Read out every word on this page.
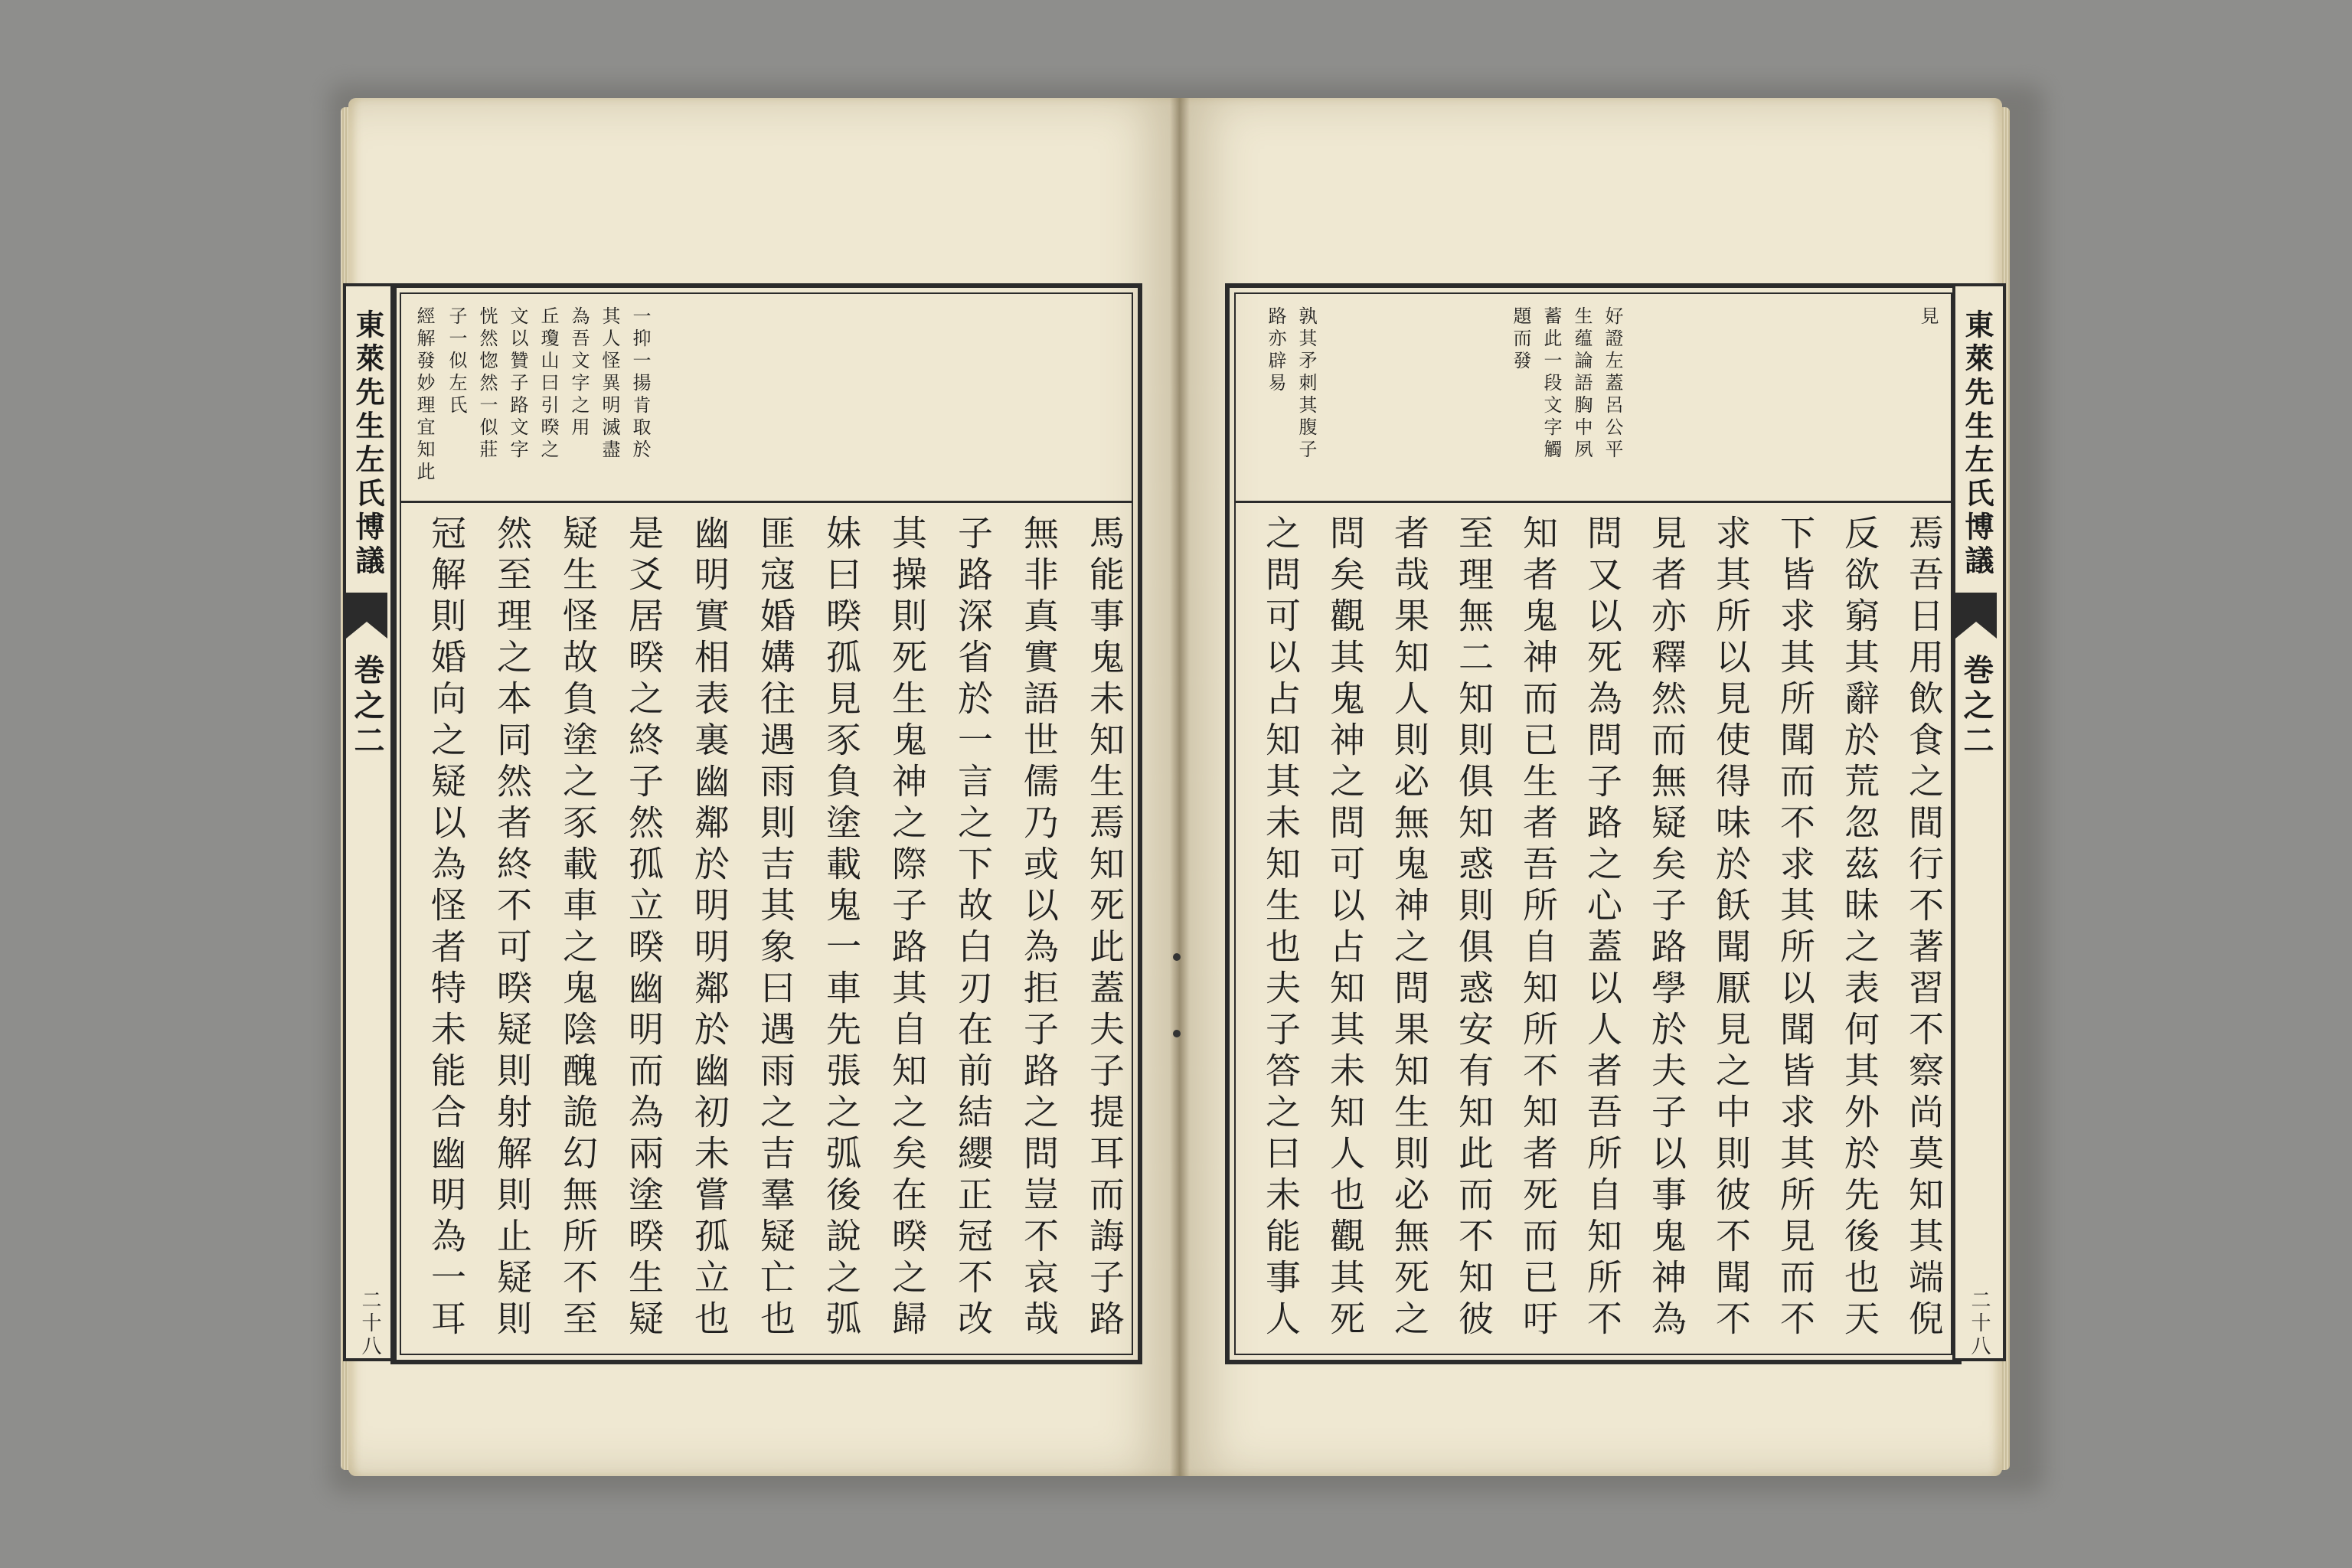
東萊先生左氏博議
巻之二
二十八
經解發妙理宜知此 子一似左氏 恍然惚然一似莊 文以贊子路文字 丘瓊山曰引暌之 為吾文字之用 其人怪異明滅盡 一抑一揚肯取於
馬能事鬼未知生焉知死此蓋夫子提耳而誨子路
無非真實語世儒乃或以為拒子路之問豈不哀哉
子路深省於一言之下故白刃在前結纓正冠不改
其操則死生鬼神之際子路其自知之矣在暌之歸
妹曰暌孤見豕負塗載鬼一車先張之弧後說之弧
匪寇婚媾往遇雨則吉其象曰遇雨之吉羣疑亡也
幽明實相表裏幽鄰於明明鄰於幽初未嘗孤立也
是爻居暌之終子然孤立暌幽明而為兩塗暌生疑
疑生怪故負塗之豕載車之鬼陰醜詭幻無所不至
然至理之本同然者終不可暌疑則射解則止疑則
冠解則婚向之疑以為怪者特未能合幽明為一耳
見
好證左蓋呂公平
生蕴論語胸中夙
蓄此一段文字觸
題而發
孰其矛刺其腹子
路亦辟易
焉吾日用飲食之間行不著習不察尚莫知其端倪
反欲窮其辭於荒忽茲昧之表何其外於先後也天
下皆求其所聞而不求其所以聞皆求其所見而不
求其所以見使得味於飫聞厭見之中則彼不聞不
見者亦釋然而無疑矣子路學於夫子以事鬼神為
問又以死為問子路之心蓋以人者吾所自知所不
知者鬼神而已生者吾所自知所不知者死而已吁
至理無二知則俱知惑則俱惑安有知此而不知彼
者哉果知人則必無鬼神之問果知生則必無死之
問矣觀其鬼神之問可以占知其未知人也觀其死
之問可以占知其未知生也夫子答之曰未能事人
東萊先生左氏博議
巻之二
二十八
